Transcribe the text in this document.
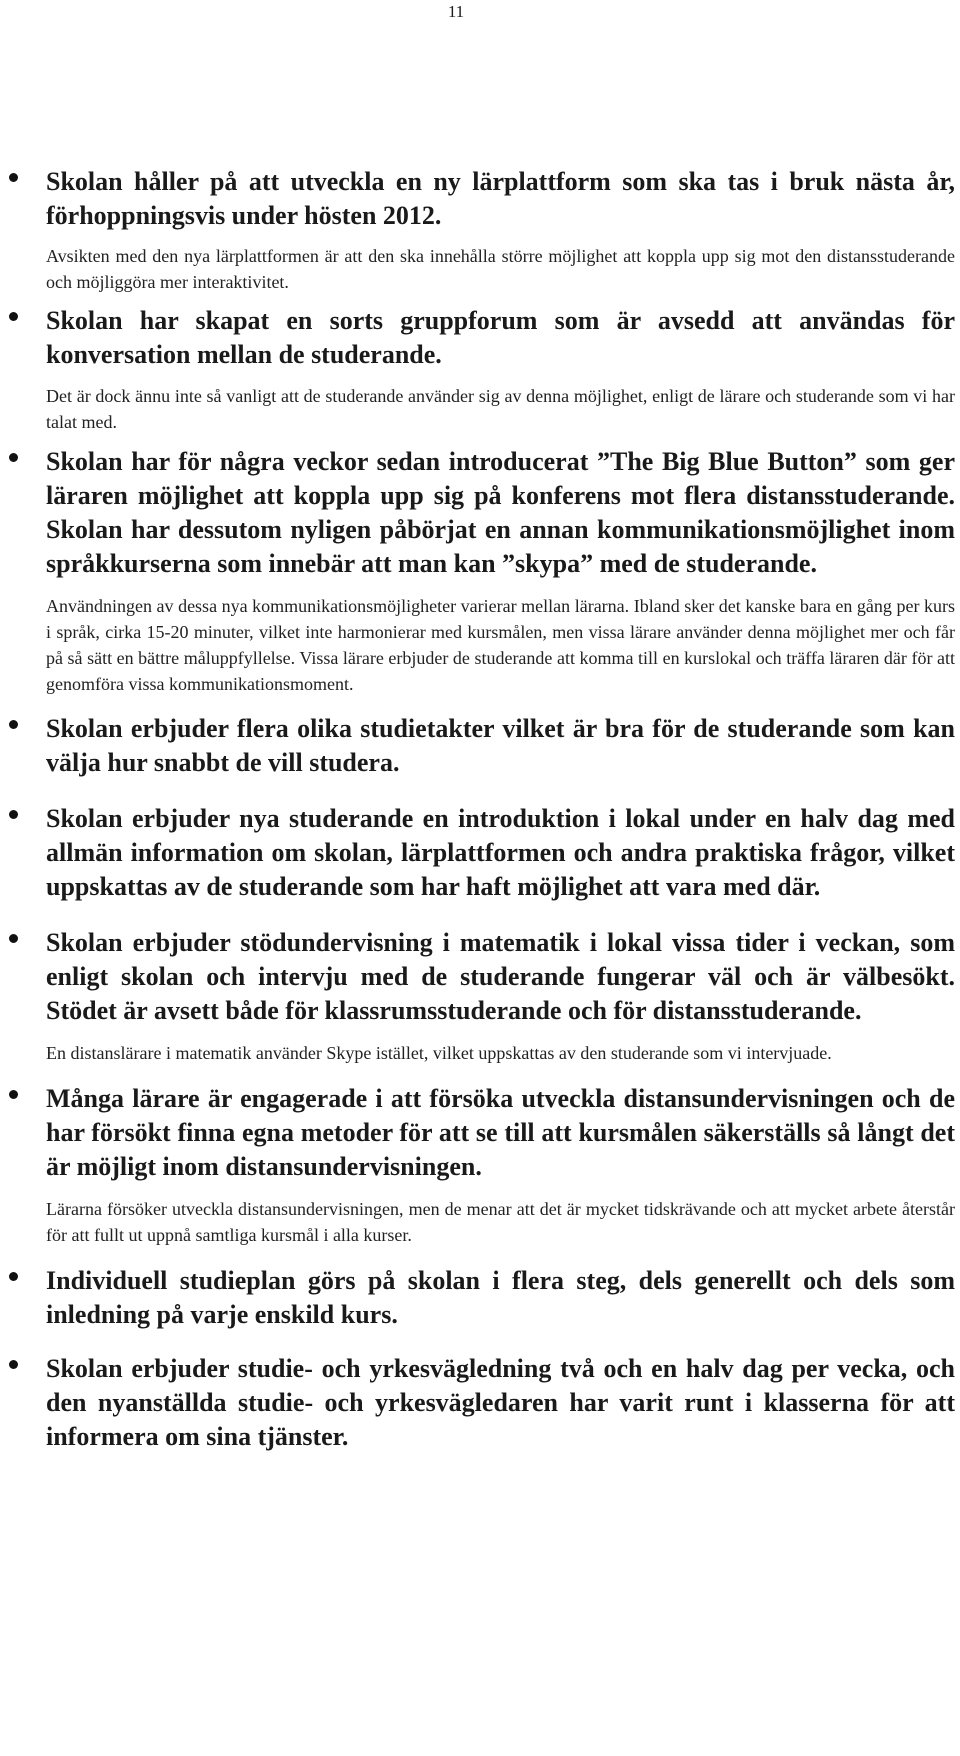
11

Skolan håller på att utveckla en ny lärplattform som ska tas i bruk nästa år, förhoppningsvis under hösten 2012.

Avsikten med den nya lärplattformen är att den ska innehålla större möjlighet att koppla upp sig mot den distansstuderande och möjliggöra mer interaktivitet.

Skolan har skapat en sorts gruppforum som är avsedd att användas för konversation mellan de studerande.

Det är dock ännu inte så vanligt att de studerande använder sig av denna möjlighet, enligt de lärare och studerande som vi har talat med.

Skolan har för några veckor sedan introducerat ”The Big Blue Button” som ger läraren möjlighet att koppla upp sig på konferens mot flera distansstuderande. Skolan har dessutom nyligen påbörjat en annan kommunikationsmöjlighet inom språkkurserna som innebär att man kan ”skypa” med de studerande.

Användningen av dessa nya kommunikationsmöjligheter varierar mellan lärarna. Ibland sker det kanske bara en gång per kurs i språk, cirka 15-20 minuter, vilket inte harmonierar med kursmålen, men vissa lärare använder denna möjlighet mer och får på så sätt en bättre måluppfyllelse. Vissa lärare erbjuder de studerande att komma till en kurslokal och träffa läraren där för att genomföra vissa kommunikationsmoment.

Skolan erbjuder flera olika studietakter vilket är bra för de studerande som kan välja hur snabbt de vill studera.

Skolan erbjuder nya studerande en introduktion i lokal under en halv dag med allmän information om skolan, lärplattformen och andra praktiska frågor, vilket uppskattas av de studerande som har haft möjlighet att vara med där.

Skolan erbjuder stödundervisning i matematik i lokal vissa tider i veckan, som enligt skolan och intervju med de studerande fungerar väl och är välbesökt. Stödet är avsett både för klassrumsstuderande och för distansstuderande.

En distanslärare i matematik använder Skype istället, vilket uppskattas av den studerande som vi intervjuade.

Många lärare är engagerade i att försöka utveckla distansundervisningen och de har försökt finna egna metoder för att se till att kursmålen säkerställs så långt det är möjligt inom distansundervisningen.

Lärarna försöker utveckla distansundervisningen, men de menar att det är mycket tidskrävande och att mycket arbete återstår för att fullt ut uppnå samtliga kursmål i alla kurser.

Individuell studieplan görs på skolan i flera steg, dels generellt och dels som inledning på varje enskild kurs.

Skolan erbjuder studie- och yrkesvägledning två och en halv dag per vecka, och den nyanställda studie- och yrkesvägledaren har varit runt i klasserna för att informera om sina tjänster.
